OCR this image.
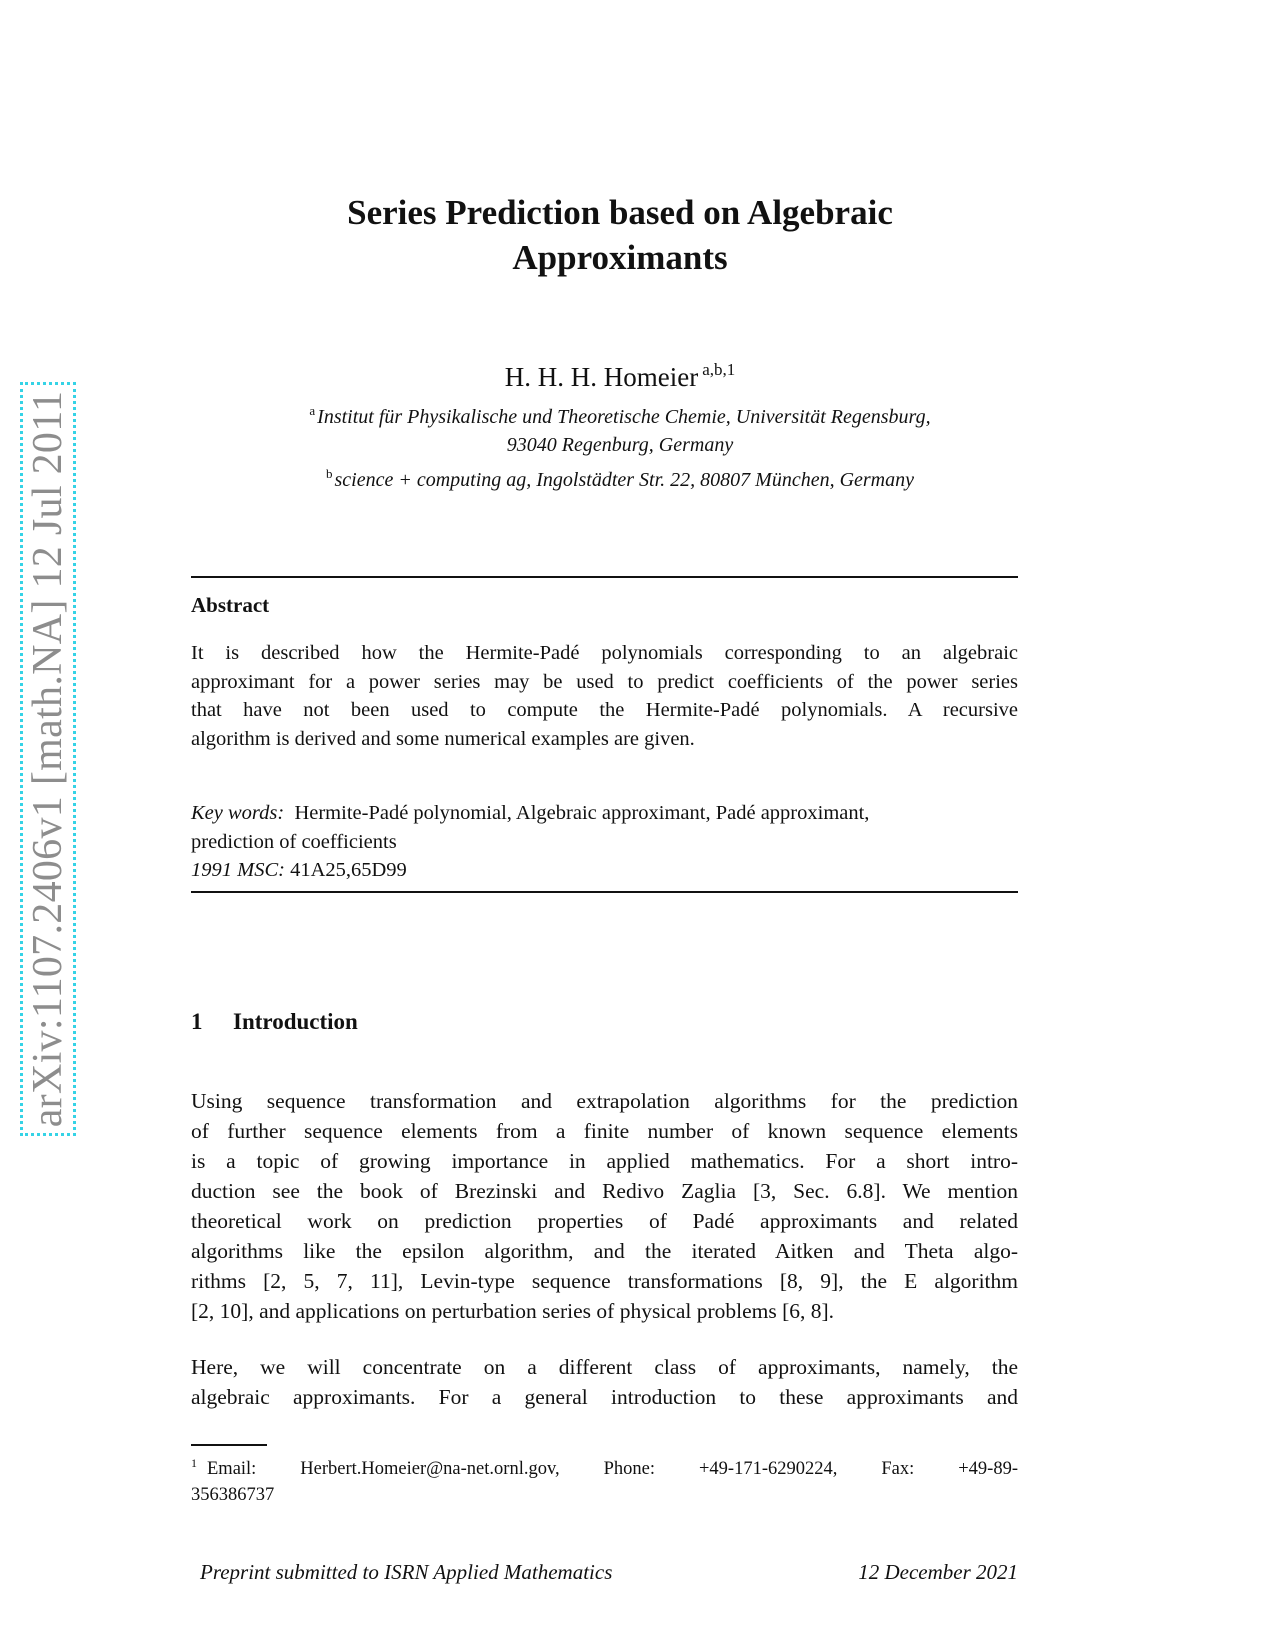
arXiv:1107.2406v1 [math.NA] 12 Jul 2011
Series Prediction based on Algebraic
Approximants
H. H. H. Homeier $^{a,b,1}$
$^a$ Institut für Physikalische und Theoretische Chemie, Universität Regensburg,
93040 Regenburg, Germany
$^b$ science + computing ag, Ingolstädter Str. 22, 80807 München, Germany
Abstract
It is described how the Hermite-Padé polynomials corresponding to an algebraic
approximant for a power series may be used to predict coefficients of the power series
that have not been used to compute the Hermite-Padé polynomials. A recursive
algorithm is derived and some numerical examples are given.
Key words: Hermite-Padé polynomial, Algebraic approximant, Padé approximant,
prediction of coefficients
1991 MSC: 41A25,65D99
1 Introduction
Using sequence transformation and extrapolation algorithms for the prediction
of further sequence elements from a finite number of known sequence elements
is a topic of growing importance in applied mathematics. For a short intro-
duction see the book of Brezinski and Redivo Zaglia [3, Sec. 6.8]. We mention
theoretical work on prediction properties of Padé approximants and related
algorithms like the epsilon algorithm, and the iterated Aitken and Theta algo-
rithms [2, 5, 7, 11], Levin-type sequence transformations [8, 9], the E algorithm
[2, 10], and applications on perturbation series of physical problems [6, 8].
Here, we will concentrate on a different class of approximants, namely, the
algebraic approximants. For a general introduction to these approximants and
$^1$ Email: Herbert.Homeier@na-net.ornl.gov, Phone: +49-171-6290224, Fax: +49-89-
356386737
Preprint submitted to ISRN Applied Mathematics	12 December 2021
